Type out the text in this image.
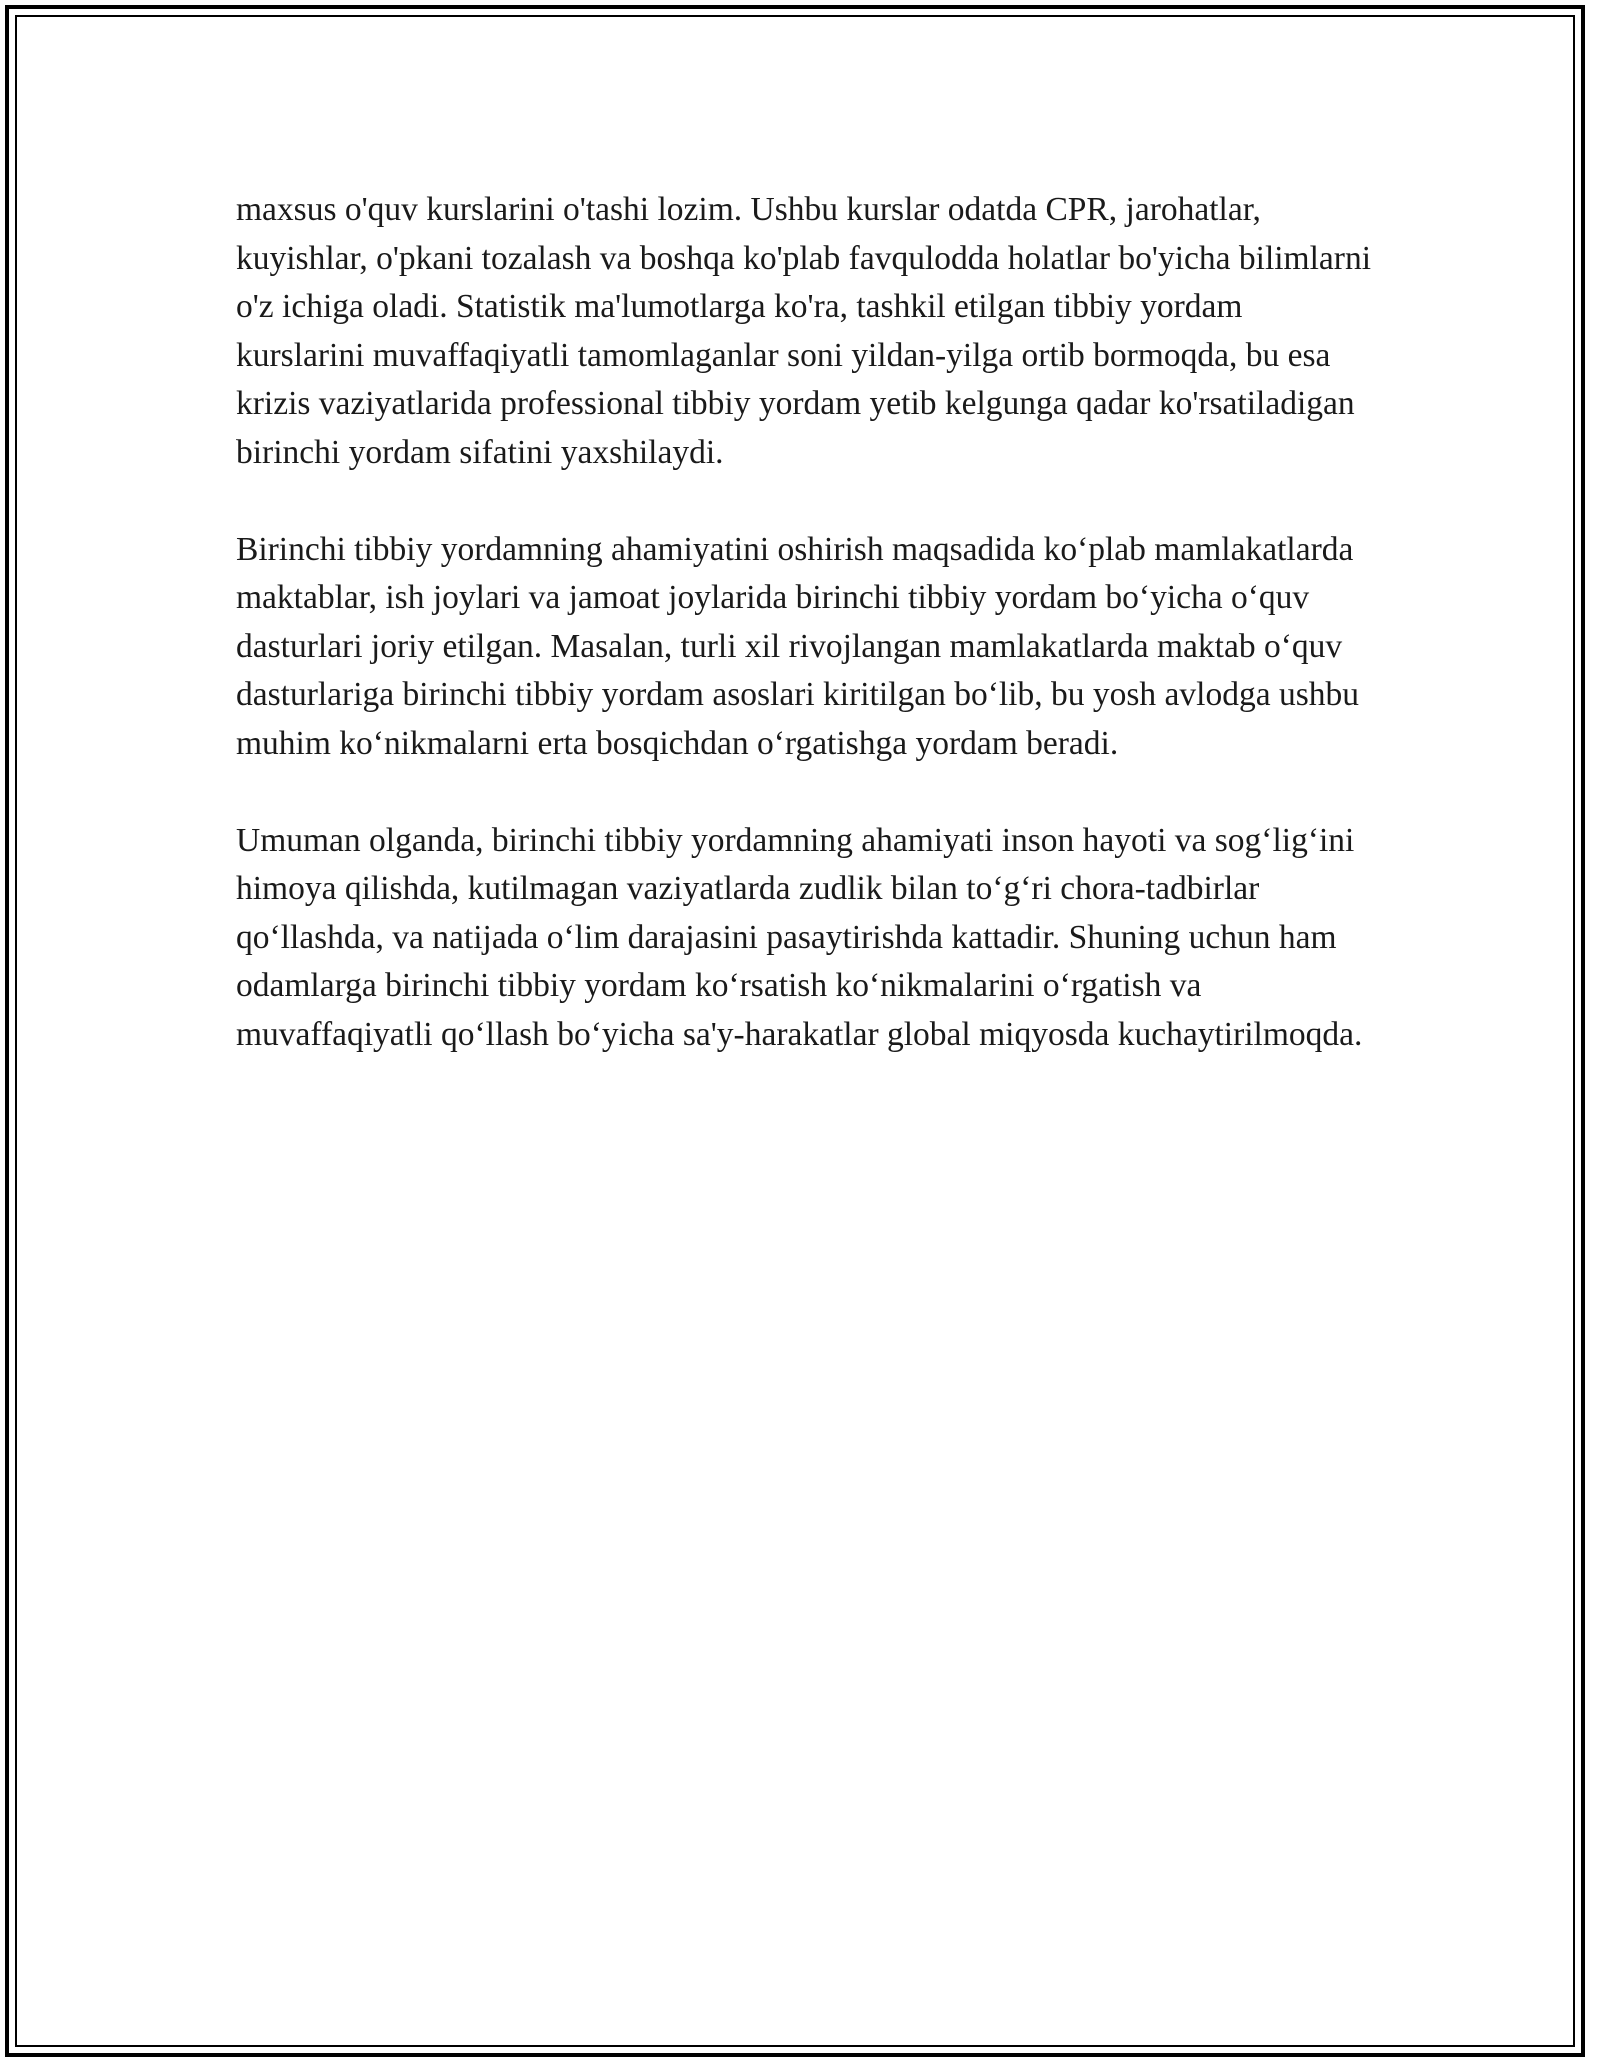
maxsus o'quv kurslarini o'tashi lozim. Ushbu kurslar odatda CPR, jarohatlar, kuyishlar, o'pkani tozalash va boshqa ko'plab favqulodda holatlar bo'yicha bilimlarni o'z ichiga oladi. Statistik ma'lumotlarga ko'ra, tashkil etilgan tibbiy yordam kurslarini muvaffaqiyatli tamomlaganlar soni yildan-yilga ortib bormoqda, bu esa krizis vaziyatlarida professional tibbiy yordam yetib kelgunga qadar ko'rsatiladigan birinchi yordam sifatini yaxshilaydi.

Birinchi tibbiy yordamning ahamiyatini oshirish maqsadida koʻplab mamlakatlarda maktablar, ish joylari va jamoat joylarida birinchi tibbiy yordam boʻyicha oʻquv dasturlari joriy etilgan. Masalan, turli xil rivojlangan mamlakatlarda maktab oʻquv dasturlariga birinchi tibbiy yordam asoslari kiritilgan boʻlib, bu yosh avlodga ushbu muhim koʻnikmalarni erta bosqichdan oʻrgatishga yordam beradi.

Umuman olganda, birinchi tibbiy yordamning ahamiyati inson hayoti va sogʻligʻini himoya qilishda, kutilmagan vaziyatlarda zudlik bilan toʻgʻri chora-tadbirlar qoʻllashda, va natijada oʻlim darajasini pasaytirishda kattadir. Shuning uchun ham odamlarga birinchi tibbiy yordam koʻrsatish koʻnikmalarini oʻrgatish va muvaffaqiyatli qoʻllash boʻyicha sa'y-harakatlar global miqyosda kuchaytirilmoqda.
